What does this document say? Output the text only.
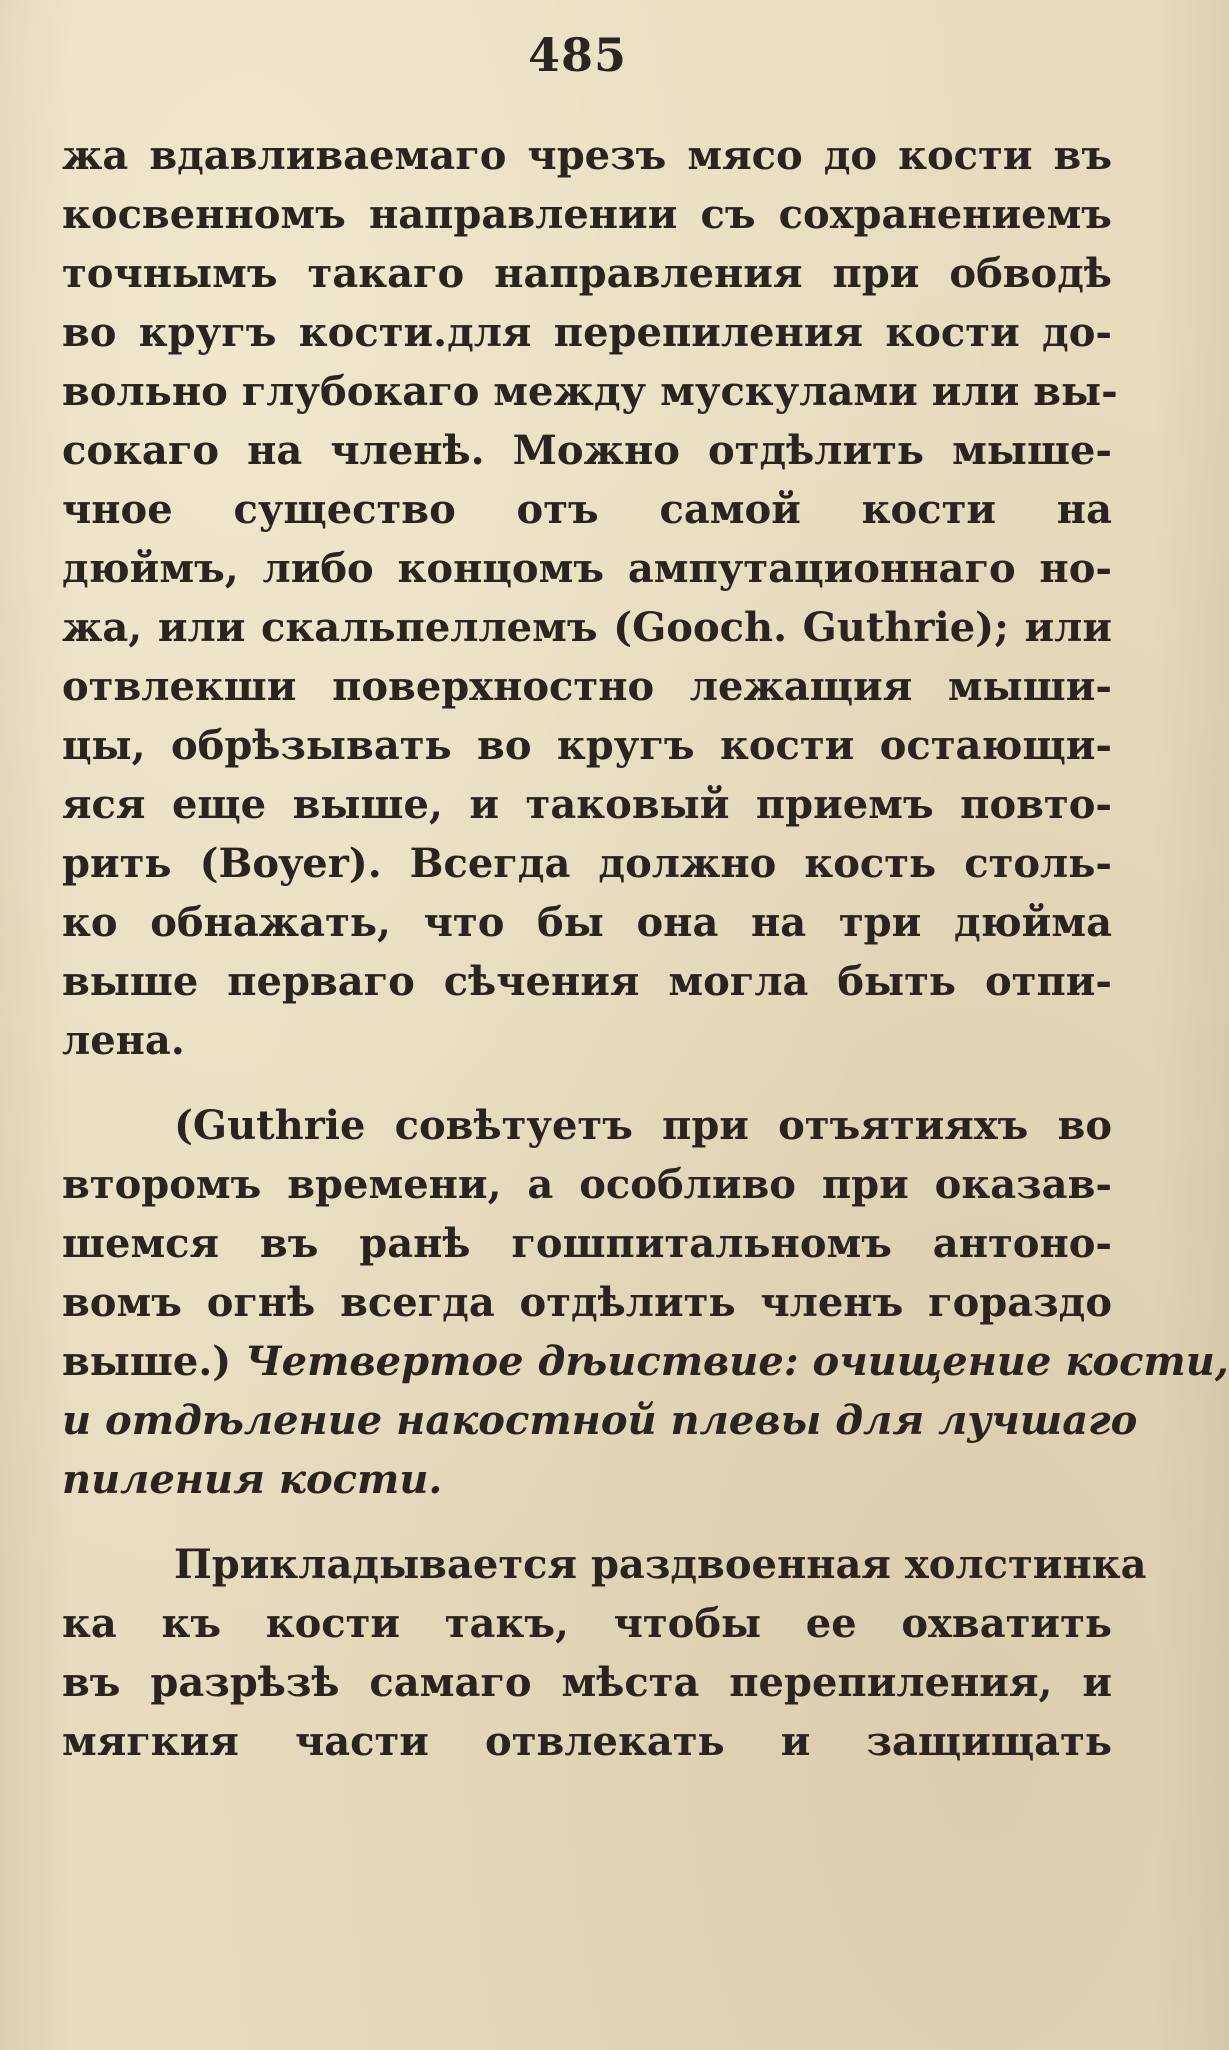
485
жа вдавливаемаго чрезъ мясо до кости въ
косвенномъ направлении съ сохранениемъ
точнымъ такаго направления при обводѣ
во кругъ кости.для перепиления кости до-
вольно глубокаго между мускулами или вы-
сокаго на членѣ. Можно отдѣлить мыше-
чное существо отъ самой кости на
дюймъ, либо концомъ ампутационнаго но-
жа, или скальпеллемъ (Gooch. Guthrie); или
отвлекши поверхностно лежащия мыши-
цы, обрѣзывать во кругъ кости остающи-
яся еще выше, и таковый приемъ повто-
рить (Boyer). Всегда должно кость столь-
ко обнажать, что бы она на три дюйма
выше перваго сѣчения могла быть отпи-
лена.
(Guthrie совѣтуетъ при отъятияхъ во
второмъ времени, а особливо при оказав-
шемся въ ранѣ гошпитальномъ антоно-
вомъ огнѣ всегда отдѣлить членъ гораздо
выше.) Четвертое дѣиствие: очищение кости,
и отдѣление накостной плевы для лучшаго
пиления кости.
Прикладывается раздвоенная холстинка
ка къ кости такъ, чтобы ее охватить
въ разрѣзѣ самаго мѣста перепиления, и
мягкия части отвлекать и защищать
